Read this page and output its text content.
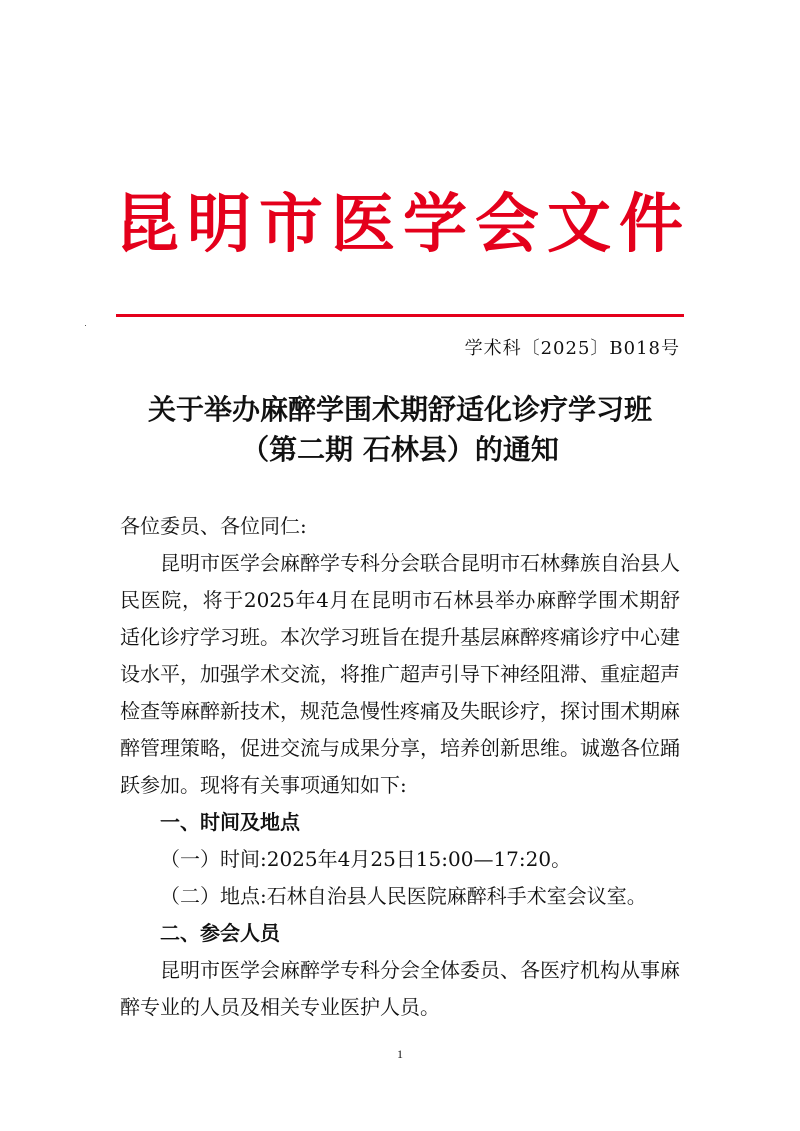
昆明市医学会文件
学术科〔2025〕B018号
关于举办麻醉学围术期舒适化诊疗学习班
（第二期 石林县）的通知

各位委员、各位同仁:

昆明市医学会麻醉学专科分会联合昆明市石林彝族自治县人民医院，将于2025年4月在昆明市石林县举办麻醉学围术期舒适化诊疗学习班。本次学习班旨在提升基层麻醉疼痛诊疗中心建设水平，加强学术交流，将推广超声引导下神经阻滞、重症超声检查等麻醉新技术，规范急慢性疼痛及失眠诊疗，探讨围术期麻醉管理策略，促进交流与成果分享，培养创新思维。诚邀各位踊跃参加。现将有关事项通知如下:

一、时间及地点

（一）时间:2025年4月25日15:00—17:20。

（二）地点:石林自治县人民医院麻醉科手术室会议室。

二、参会人员

昆明市医学会麻醉学专科分会全体委员、各医疗机构从事麻醉专业的人员及相关专业医护人员。

1
